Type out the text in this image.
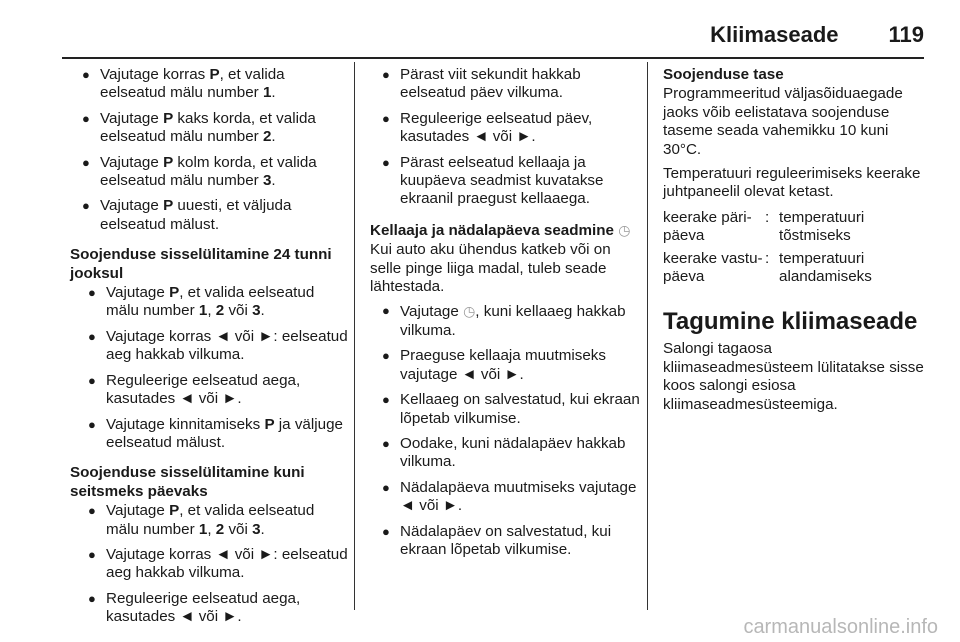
Kliimaseade 119
● Vajutage korras P, et valida eelseatud mälu number 1.
● Vajutage P kaks korda, et valida eelseatud mälu number 2.
● Vajutage P kolm korda, et valida eelseatud mälu number 3.
● Vajutage P uuesti, et väljuda eelseatud mälust.
Soojenduse sisselülitamine 24 tunni jooksul
● Vajutage P, et valida eelseatud mälu number 1, 2 või 3.
● Vajutage korras ◄ või ►: eelseatud aeg hakkab vilkuma.
● Reguleerige eelseatud aega, kasutades ◄ või ►.
● Vajutage kinnitamiseks P ja väljuge eelseatud mälust.
Soojenduse sisselülitamine kuni seitsmeks päevaks
● Vajutage P, et valida eelseatud mälu number 1, 2 või 3.
● Vajutage korras ◄ või ►: eelseatud aeg hakkab vilkuma.
● Reguleerige eelseatud aega, kasutades ◄ või ►.
● Pärast viit sekundit hakkab eelseatud päev vilkuma.
● Reguleerige eelseatud päev, kasutades ◄ või ►.
● Pärast eelseatud kellaaja ja kuupäeva seadmist kuvatakse ekraanil praegust kellaaega.
Kellaaja ja nädalapäeva seadmine ◷
Kui auto aku ühendus katkeb või on selle pinge liiga madal, tuleb seade lähtestada.
● Vajutage ◷, kuni kellaaeg hakkab vilkuma.
● Praeguse kellaaja muutmiseks vajutage ◄ või ►.
● Kellaaeg on salvestatud, kui ekraan lõpetab vilkumise.
● Oodake, kuni nädalapäev hakkab vilkuma.
● Nädalapäeva muutmiseks vajutage ◄ või ►.
● Nädalapäev on salvestatud, kui ekraan lõpetab vilkumise.
Soojenduse tase
Programmeeritud väljasõiduaegade jaoks võib eelistatava soojenduse taseme seada vahemikku 10 kuni 30°C.
Temperatuuri reguleerimiseks keerake juhtpaneelil olevat ketast.
keerake päri-päeva	:	temperatuuri tõstmiseks
keerake vastu-päeva	:	temperatuuri alandamiseks
Tagumine kliimaseade
Salongi tagaosa kliimaseadmesüsteem lülitatakse sisse koos salongi esiosa kliimaseadmesüsteemiga.
carmanualsonline.info
